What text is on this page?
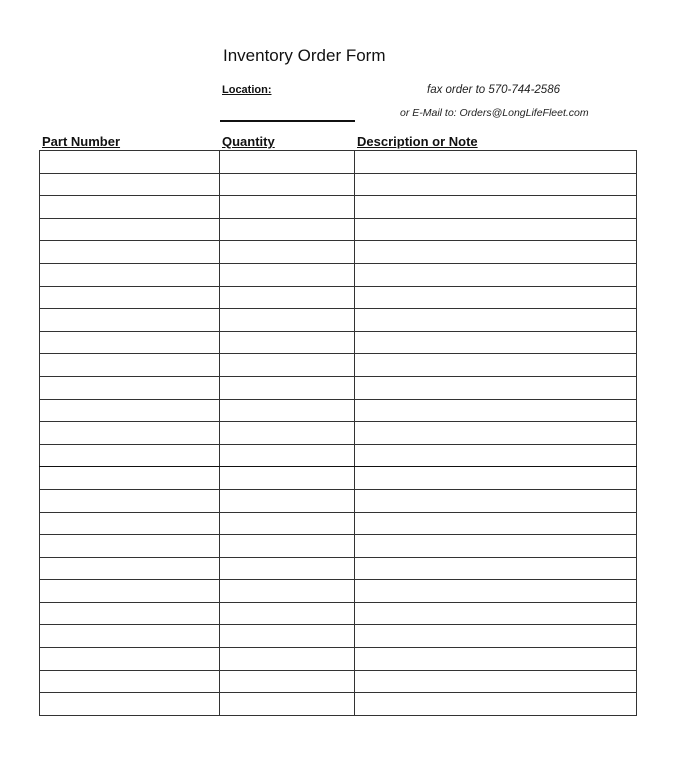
Inventory Order Form
Location:	fax order to 570-744-2586
or E-Mail to: Orders@LongLifeFleet.com
Part Number	Quantity	Description or Note
